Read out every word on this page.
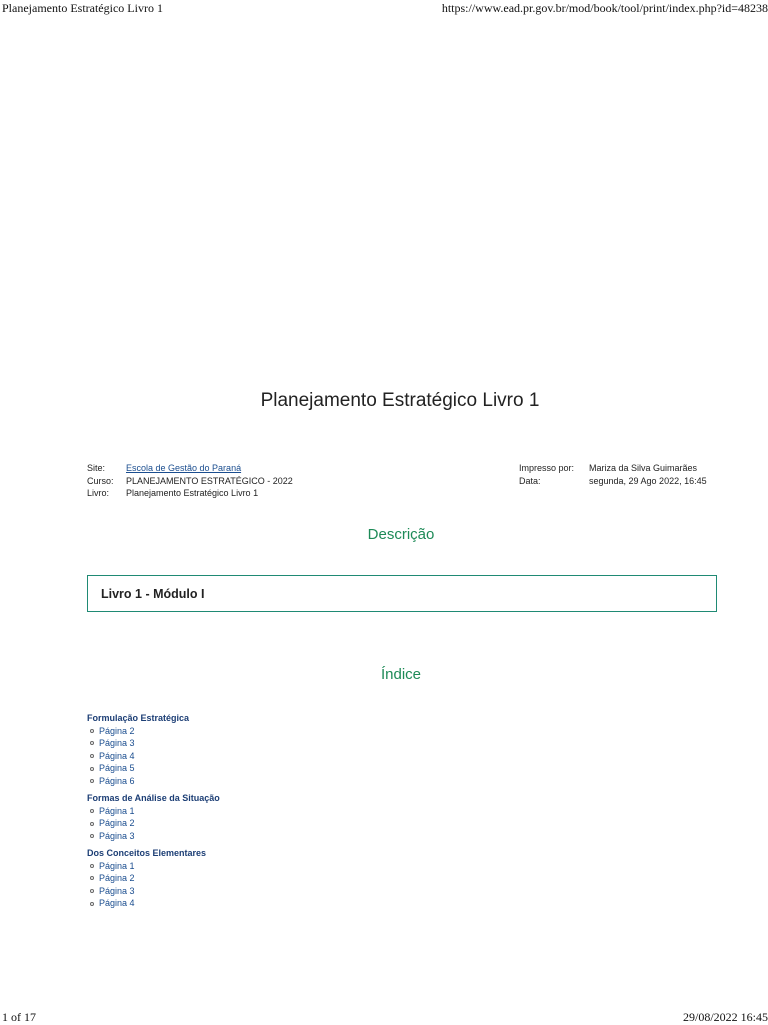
Planejamento Estratégico Livro 1	https://www.ead.pr.gov.br/mod/book/tool/print/index.php?id=48238
Planejamento Estratégico Livro 1
Site:	Escola de Gestão do Paraná
Curso:	PLANEJAMENTO ESTRATÉGICO - 2022
Livro:	Planejamento Estratégico Livro 1
Impresso por:	Mariza da Silva Guimarães
Data:	segunda, 29 Ago 2022, 16:45
Descrição
Livro 1 - Módulo I
Índice
Formulação Estratégica
Página 2
Página 3
Página 4
Página 5
Página 6
Formas de Análise da Situação
Página 1
Página 2
Página 3
Dos Conceitos Elementares
Página 1
Página 2
Página 3
Página 4
1 of 17	29/08/2022 16:45
